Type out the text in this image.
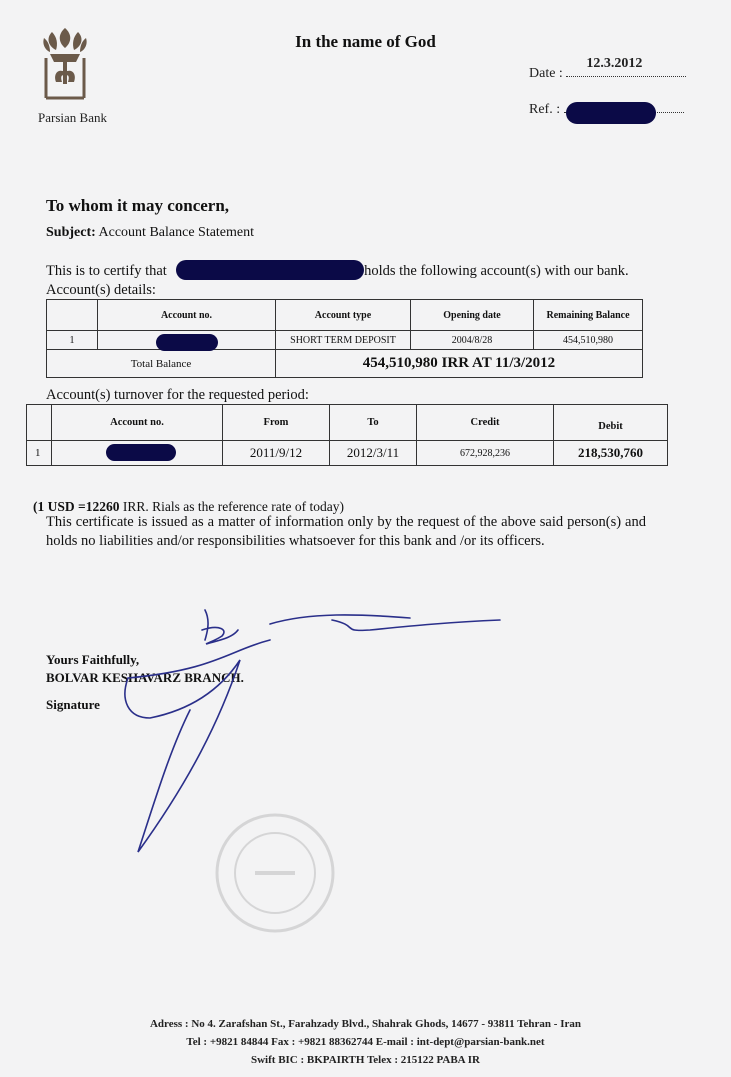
Parsian Bank
In the name of God
Date :
12.3.2012
Ref. :
To whom it may concern,
Subject: Account Balance Statement
This is to certify that	holds the following account(s) with our bank.
Account(s) details:
	Account no.	Account type	Opening date	Remaining Balance
1		SHORT TERM DEPOSIT	2004/8/28	454,510,980
Total Balance		454,510,980 IRR AT 11/3/2012		
Account(s) turnover for the requested period:
	Account no.	From	To	Credit	Debit
1		2011/9/12	2012/3/11	672,928,236	218,530,760
(1 USD =12260 IRR. Rials as the reference rate of today)
This certificate is issued as a matter of information only by the request of the above said person(s) and holds no liabilities and/or responsibilities whatsoever for this bank and /or its officers.
Yours Faithfully,
BOLVAR KESHAVARZ BRANCH.
Signature
Adress : No 4. Zarafshan St., Farahzady Blvd., Shahrak Ghods, 14677 - 93811 Tehran - Iran
Tel : +9821 84844 Fax : +9821 88362744 E-mail : int-dept@parsian-bank.net
Swift BIC : BKPAIRTH Telex : 215122 PABA IR
